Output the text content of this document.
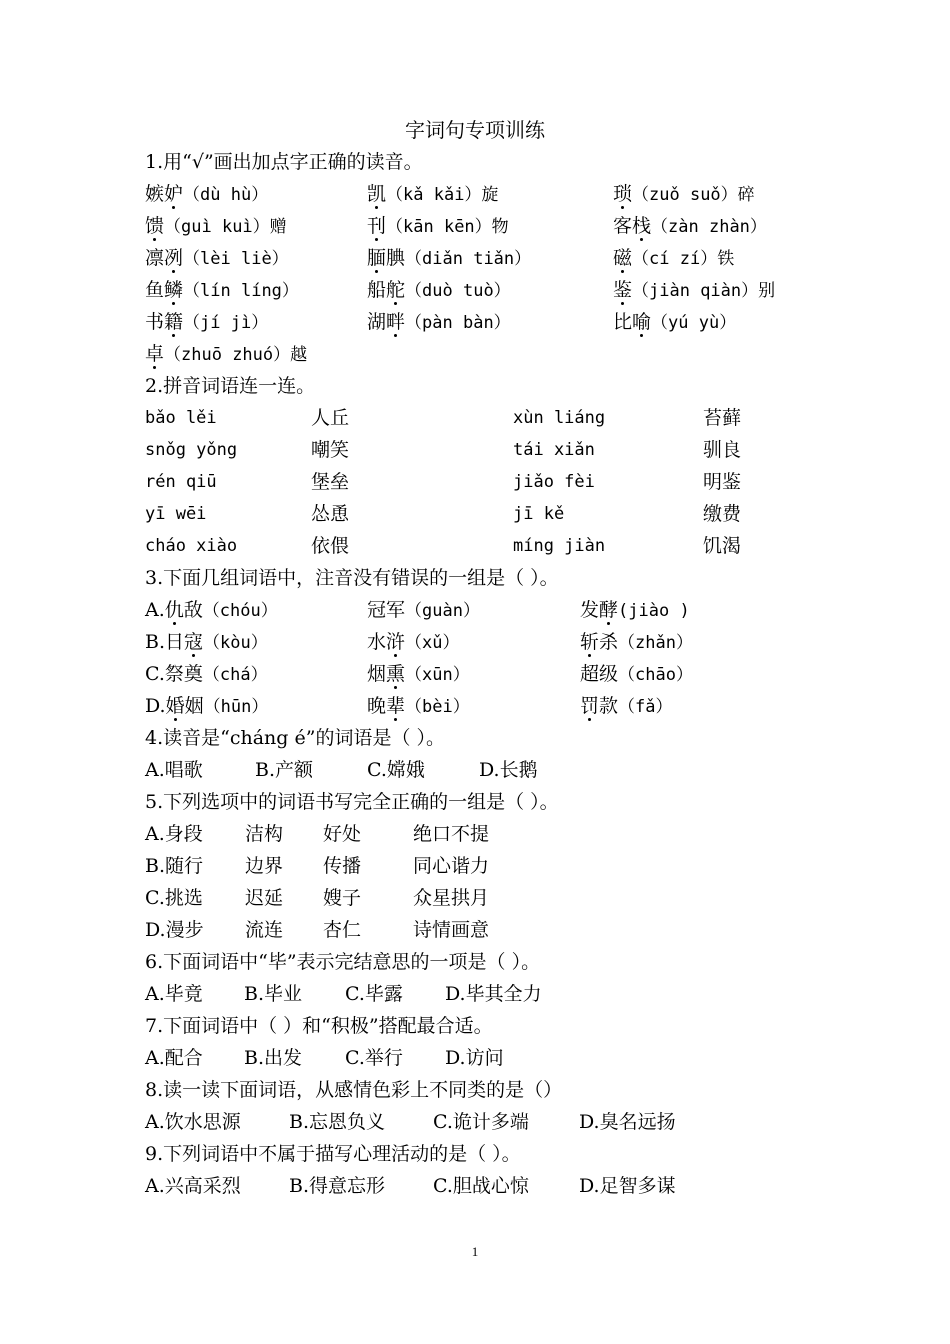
字词句专项训练
1.用“√”画出加点字正确的读音。
嫉妒（dù hù）	凯（kǎ kǎi）旋	琐（zuǒ suǒ）碎
馈（guì kuì）赠	刊（kān kēn）物	客栈（zàn zhàn）
凛冽（lèi liè）	腼腆（diǎn tiǎn）	磁（cí zí）铁
鱼鳞（lín líng）	船舵（duò tuò）	鉴（jiàn qiàn）别
书籍（jí jì）	湖畔（pàn bàn）	比喻（yú yù）
卓（zhuō zhuó）越
2.拼音词语连一连。
bǎo lěi	人丘	xùn liáng	苔藓
snǒg yǒng	嘲笑	tái xiǎn	驯良
rén qiū	堡垒	jiǎo fèi	明鉴
yī wēi	怂恿	jī kě	缴费
cháo xiào	依偎	míng jiàn	饥渴
3.下面几组词语中，注音没有错误的一组是（ ）。
A.仇敌（chóu）	冠军（guàn）	发酵(jiào )
B.日寇（kòu）	水浒（xǔ）	斩杀（zhǎn）
C.祭奠（chá）	烟熏（xūn）	超级（chāo）
D.婚姻（hūn）	晚辈（bèi）	罚款（fǎ）
4.读音是“cháng é”的词语是（ ）。
A.唱歌	B.产额	C.嫦娥	D.长鹅
5.下列选项中的词语书写完全正确的一组是（ ）。
A.身段 洁构 好处	绝口不提
B.随行 边界 传播	同心谐力
C.挑选 迟延 嫂子	众星拱月
D.漫步 流连 杏仁	诗情画意
6.下面词语中“毕”表示完结意思的一项是（ ）。
A.毕竟 B.毕业 C.毕露 D.毕其全力
7.下面词语中（ ）和“积极”搭配最合适。
A.配合 B.出发 C.举行 D.访问
8.读一读下面词语，从感情色彩上不同类的是（）
A.饮水思源	B.忘恩负义	C.诡计多端	D.臭名远扬
9.下列词语中不属于描写心理活动的是（ ）。
A.兴高采烈	B.得意忘形	C.胆战心惊	D.足智多谋
1
